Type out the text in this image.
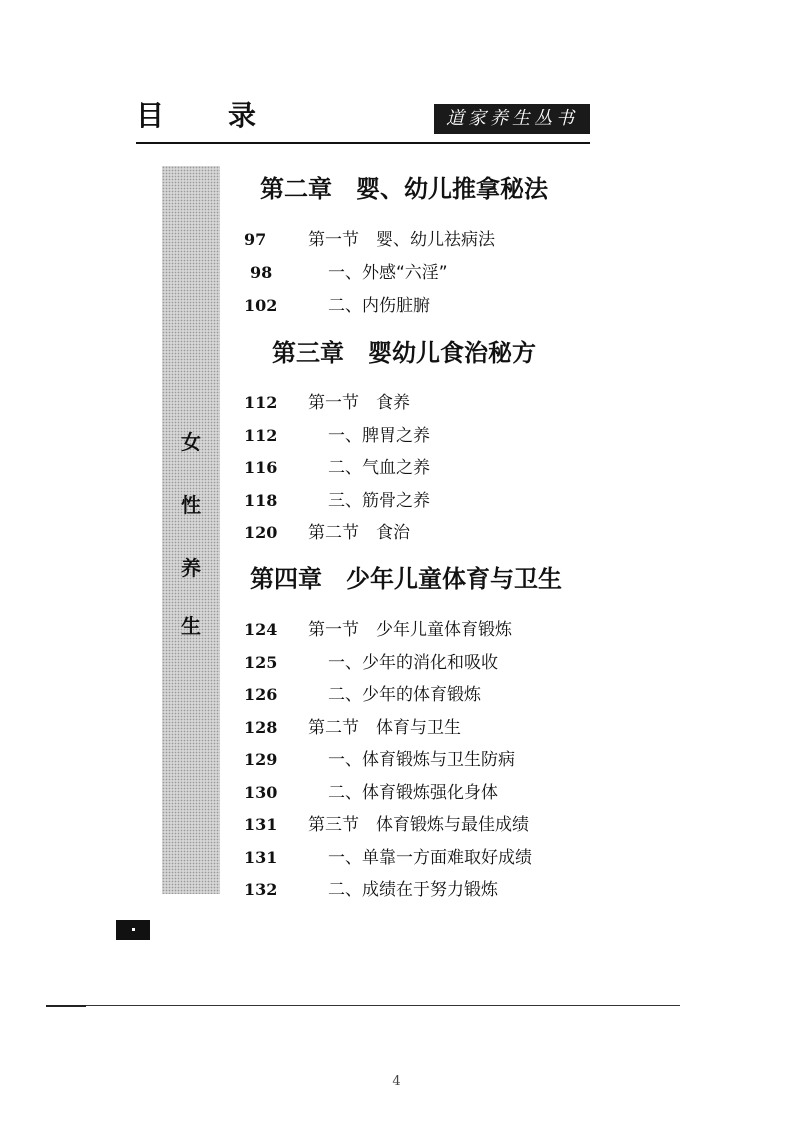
目 录	道家养生丛书
女
性
养
生
第二章 婴、幼儿推拿秘法
97 第一节　婴、幼儿祛病法
98	一、外感“六淫”
102	二、内伤脏腑
第三章 婴幼儿食治秘方
112 第一节　食养
112	一、脾胃之养
116	二、气血之养
118	三、筋骨之养
120 第二节　食治
第四章 少年儿童体育与卫生
124 第一节　少年儿童体育锻炼
125	一、少年的消化和吸收
126	二、少年的体育锻炼
128 第二节　体育与卫生
129	一、体育锻炼与卫生防病
130	二、体育锻炼强化身体
131 第三节　体育锻炼与最佳成绩
131	一、单靠一方面难取好成绩
132	二、成绩在于努力锻炼
4
